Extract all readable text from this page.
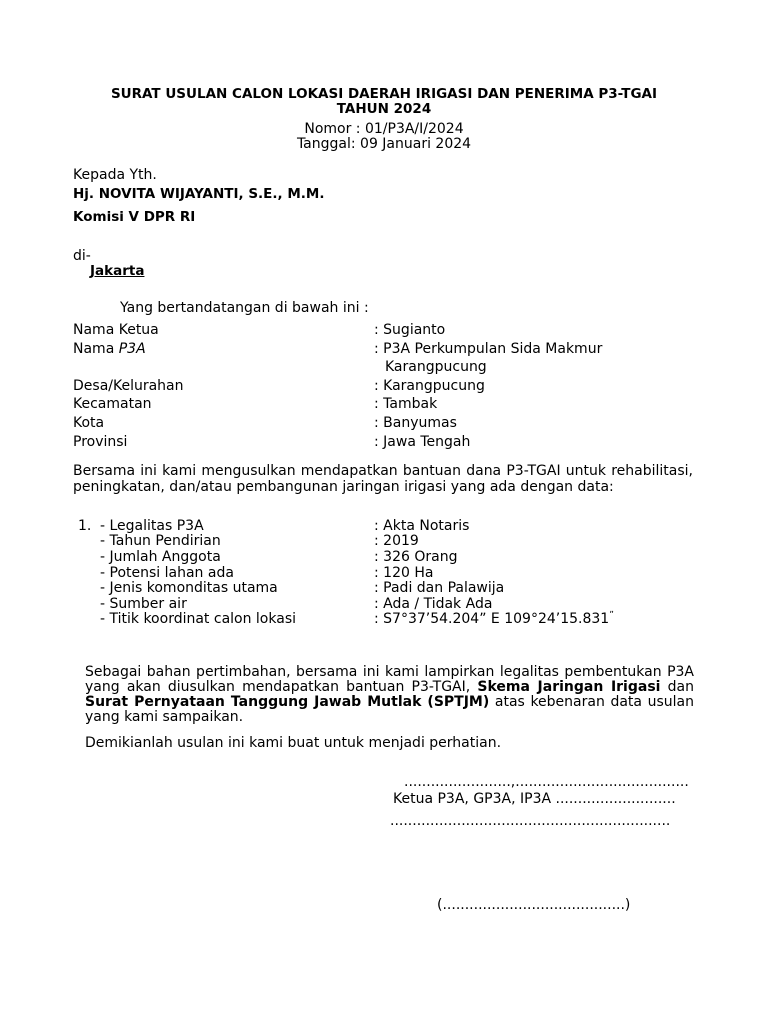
SURAT USULAN CALON LOKASI DAERAH IRIGASI DAN PENERIMA P3-TGAI
TAHUN 2024
Nomor : 01/P3A/I/2024
Tanggal: 09 Januari 2024
Kepada Yth.
Hj. NOVITA WIJAYANTI, S.E., M.M.
Komisi V DPR RI
di-
Jakarta
Yang bertandatangan di bawah ini :
Nama Ketua	: Sugianto
Nama P3A	: P3A Perkumpulan Sida Makmur
Karangpucung
Desa/Kelurahan	: Karangpucung
Kecamatan	: Tambak
Kota	: Banyumas
Provinsi	: Jawa Tengah
Bersama ini kami mengusulkan mendapatkan bantuan dana P3-TGAI untuk rehabilitasi, peningkatan, dan/atau pembangunan jaringan irigasi yang ada dengan data:
1. - Legalitas P3A	: Akta Notaris
- Tahun Pendirian	: 2019
- Jumlah Anggota	: 326 Orang
- Potensi lahan ada	: 120 Ha
- Jenis komonditas utama	: Padi dan Palawija
- Sumber air	: Ada / Tidak Ada
- Titik koordinat calon lokasi	: S7°37’54.204ˮ E $109^\circ 24’15.831^ˮ$
Sebagai bahan pertimbahan, bersama ini kami lampirkan legalitas pembentukan P3A yang akan diusulkan mendapatkan bantuan P3-TGAI, Skema Jaringan Irigasi dan Surat Pernyataan Tanggung Jawab Mutlak (SPTJM) atas kebenaran data usulan yang kami sampaikan.
Demikianlah usulan ini kami buat untuk menjadi perhatian.
........................,.......................................
Ketua P3A, GP3A, IP3A ...........................
...............................................................
(.........................................)
